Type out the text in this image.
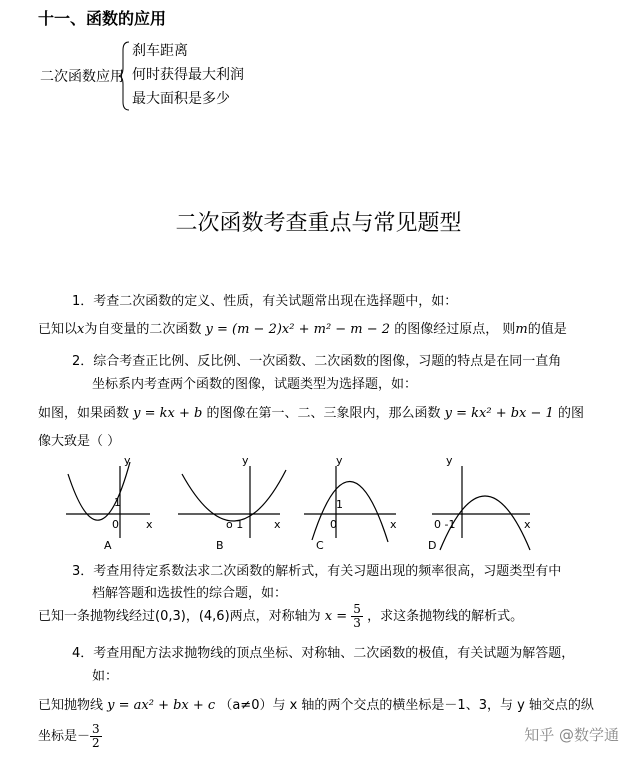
十一、函数的应用
二次函数应用
刹车距离
何时获得最大利润
最大面积是多少
二次函数考查重点与常见题型
1．考查二次函数的定义、性质，有关试题常出现在选择题中，如：
已知以x为自变量的二次函数 y = (m − 2)x² + m² − m − 2 的图像经过原点， 则m的值是
2．综合考查正比例、反比例、一次函数、二次函数的图像，习题的特点是在同一直角
坐标系内考查两个函数的图像，试题类型为选择题，如：
如图，如果函数 y = kx + b 的图像在第一、二、三象限内，那么函数 y = kx² + bx − 1 的图
像大致是（ ）
y
x
1
0
A
y
x
o 1
B
y
x
1
0
C
y
x
0 -1
D
3．考查用待定系数法求二次函数的解析式，有关习题出现的频率很高，习题类型有中
档解答题和选拔性的综合题，如：
已知一条抛物线经过(0,3)，(4,6)两点，对称轴为 $x = \frac{5}{3}$ ，求这条抛物线的解析式。
4．考查用配方法求抛物线的顶点坐标、对称轴、二次函数的极值，有关试题为解答题，
如：
已知抛物线 y = ax² + bx + c （a≠0）与 x 轴的两个交点的横坐标是－1、3，与 y 轴交点的纵
坐标是－ $\frac{3}{2}$	知乎 @数学通
